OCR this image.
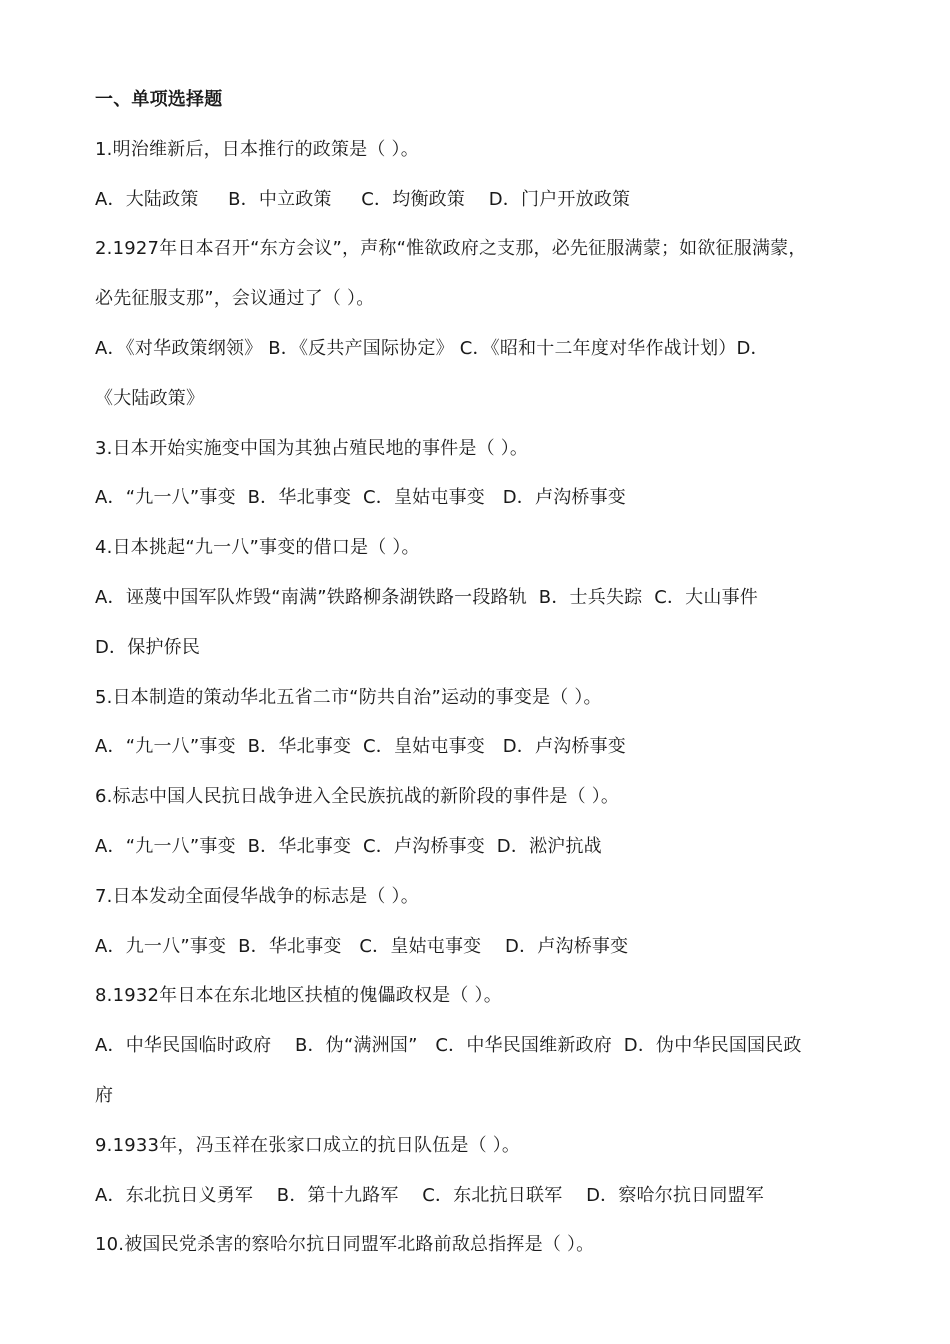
一、单项选择题
1.明治维新后，日本推行的政策是（ ）。
A．大陆政策     B．中立政策     C．均衡政策    D．门户开放政策
2.1927年日本召开“东方会议”，声称“惟欲政府之支那，必先征服满蒙；如欲征服满蒙，
必先征服支那”，会议通过了（ ）。
A．《对华政策纲领》 B．《反共产国际协定》 C．《昭和十二年度对华作战计划）D．
《大陆政策》
3.日本开始实施变中国为其独占殖民地的事件是（ ）。
A．“九一八”事变  B．华北事变  C．皇姑屯事变   D．卢沟桥事变
4.日本挑起“九一八”事变的借口是（ ）。
A．诬蔑中国军队炸毁“南满”铁路柳条湖铁路一段路轨  B．士兵失踪  C．大山事件
D．保护侨民
5.日本制造的策动华北五省二市“防共自治”运动的事变是（ ）。
A．“九一八”事变  B．华北事变  C．皇姑屯事变   D．卢沟桥事变
6.标志中国人民抗日战争进入全民族抗战的新阶段的事件是（ ）。
A．“九一八”事变  B．华北事变  C．卢沟桥事变  D．淞沪抗战
7.日本发动全面侵华战争的标志是（ ）。
A．九一八”事变  B．华北事变   C．皇姑屯事变    D．卢沟桥事变
8.1932年日本在东北地区扶植的傀儡政权是（ ）。
A．中华民国临时政府    B．伪“满洲国”   C．中华民国维新政府  D．伪中华民国国民政
府
9.1933年，冯玉祥在张家口成立的抗日队伍是（ ）。
A．东北抗日义勇军    B．第十九路军    C．东北抗日联军    D．察哈尔抗日同盟军
10.被国民党杀害的察哈尔抗日同盟军北路前敌总指挥是（ ）。
